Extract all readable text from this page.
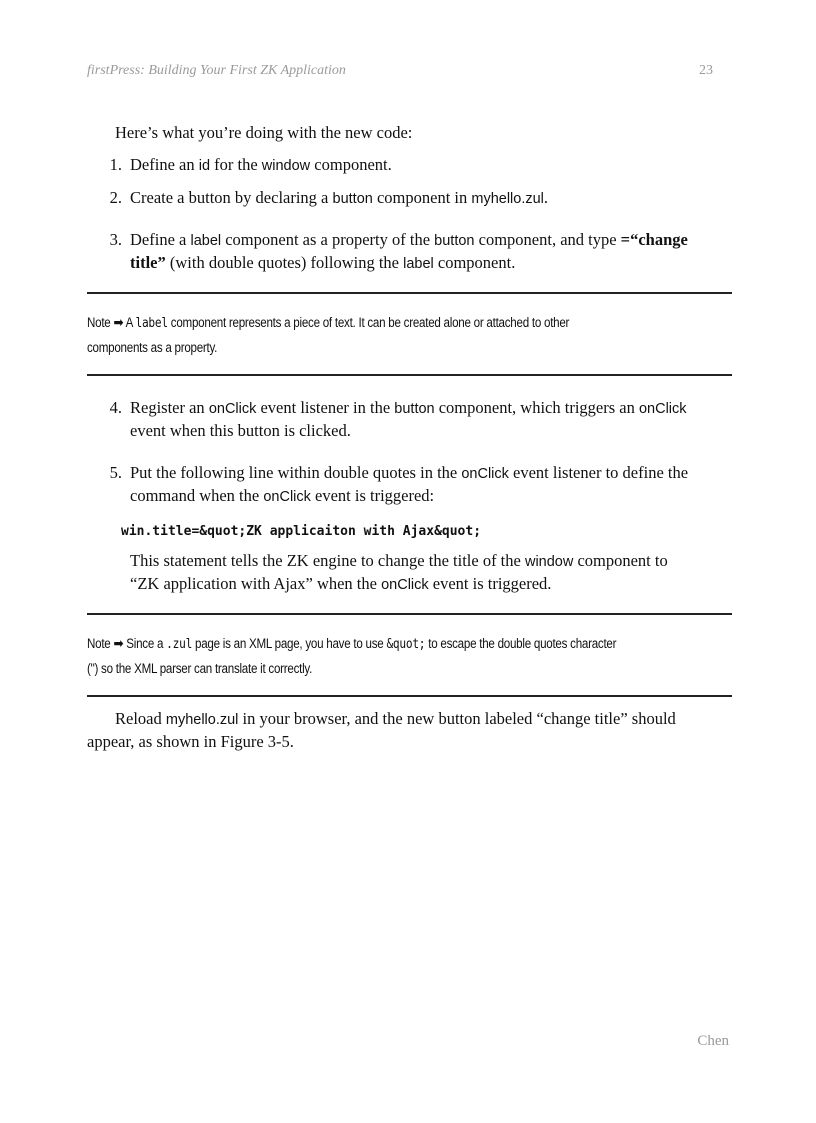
firstPress: Building Your First ZK Application	23

Here’s what you’re doing with the new code:

1. Define an id for the window component.
2. Create a button by declaring a button component in myhello.zul.
3. Define a label component as a property of the button component, and type =“change
title” (with double quotes) following the label component.
Note ➡ A label component represents a piece of text. It can be created alone or attached to other
components as a property.
4. Register an onClick event listener in the button component, which triggers an onClick
event when this button is clicked.
5. Put the following line within double quotes in the onClick event listener to define the
command when the onClick event is triggered:
win.title=&quot;ZK applicaiton with Ajax&quot;
This statement tells the ZK engine to change the title of the window component to
“ZK application with Ajax” when the onClick event is triggered.
Note ➡ Since a .zul page is an XML page, you have to use &quot; to escape the double quotes character
(") so the XML parser can translate it correctly.
Reload myhello.zul in your browser, and the new button labeled “change title” should
appear, as shown in Figure 3-5.
Chen
